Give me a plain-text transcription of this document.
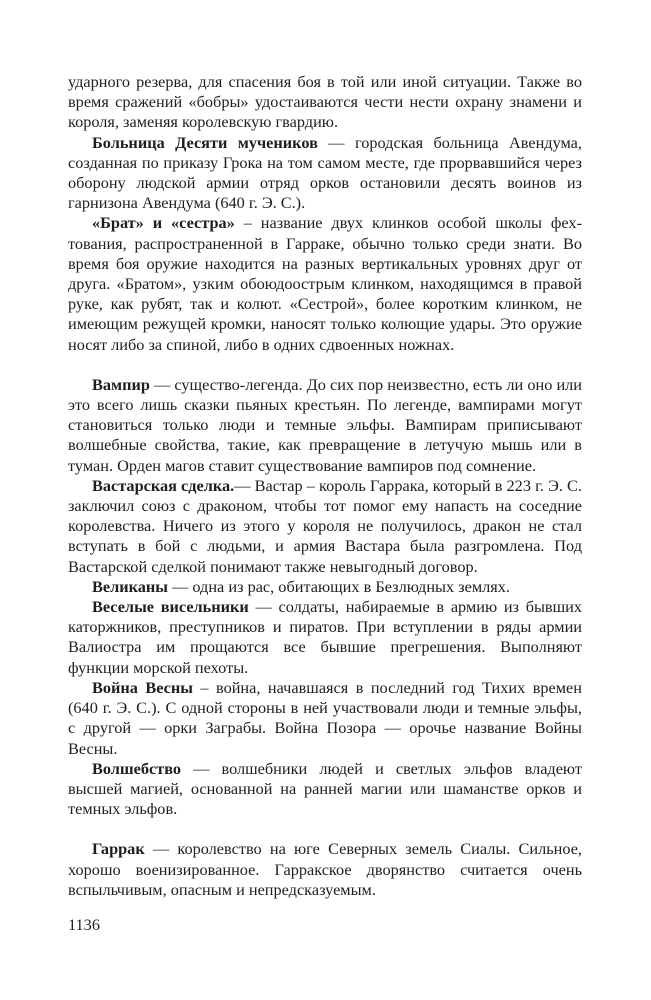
ударного резерва, для спасения боя в той или иной ситуации. Также во время сражений «бобры» удостаиваются чести нести охрану знамени и короля, заменяя королевскую гвардию.

Больница Десяти мучеников — городская больница Авендума, созданная по приказу Грока на том самом месте, где прорвавшийся через оборону людской армии отряд орков остановили десять воинов из гарнизона Авендума (640 г. Э. С.).

«Брат» и «сестра» – название двух клинков особой школы фехтования, распространенной в Гарраке, обычно только среди знати. Во время боя оружие находится на разных вертикальных уровнях друг от друга. «Братом», узким обоюдоострым клинком, находящимся в правой руке, как рубят, так и колют. «Сестрой», более коротким клинком, не имеющим режущей кромки, наносят только колющие удары. Это оружие носят либо за спиной, либо в одних сдвоенных ножнах.

Вампир — существо-легенда. До сих пор неизвестно, есть ли оно или это всего лишь сказки пьяных крестьян. По легенде, вампирами могут становиться только люди и темные эльфы. Вампирам приписывают волшебные свойства, такие, как превращение в летучую мышь или в туман. Орден магов ставит существование вампиров под сомнение.

Вастарская сделка.— Вастар – король Гаррака, который в 223 г. Э. С. заключил союз с драконом, чтобы тот помог ему напасть на соседние королевства. Ничего из этого у короля не получилось, дракон не стал вступать в бой с людьми, и армия Вастара была разгромлена. Под Вастарской сделкой понимают также невыгодный договор.

Великаны — одна из рас, обитающих в Безлюдных землях.

Веселые висельники — солдаты, набираемые в армию из бывших каторжников, преступников и пиратов. При вступлении в ряды армии Валиостра им прощаются все бывшие прегрешения. Выполняют функции морской пехоты.

Война Весны – война, начавшаяся в последний год Тихих времен (640 г. Э. С.). С одной стороны в ней участвовали люди и темные эльфы, с другой — орки Заграбы. Война Позора — орочье название Войны Весны.

Волшебство — волшебники людей и светлых эльфов владеют высшей магией, основанной на ранней магии или шаманстве орков и темных эльфов.

Гаррак — королевство на юге Северных земель Сиалы. Сильное, хорошо военизированное. Гарракское дворянство считается очень вспыльчивым, опасным и непредсказуемым.

1136
